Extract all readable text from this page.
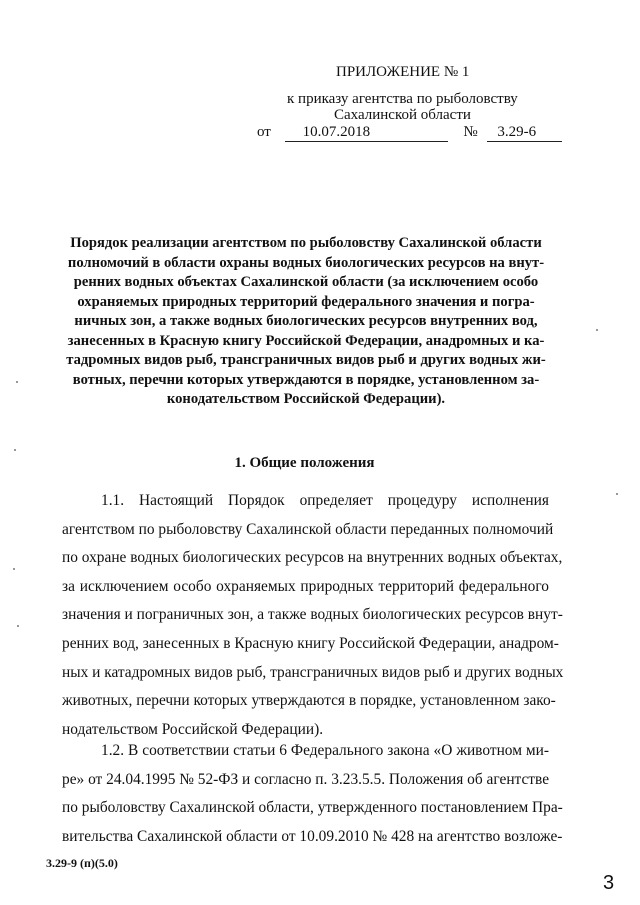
ПРИЛОЖЕНИЕ № 1
к приказу агентства по рыболовству
Сахалинской области
от 10.07.2018	№ 3.29-6
Порядок реализации агентством по рыболовству Сахалинской области
полномочий в области охраны водных биологических ресурсов на внут-
ренних водных объектах Сахалинской области (за исключением особо
охраняемых природных территорий федерального значения и погра-
ничных зон, а также водных биологических ресурсов внутренних вод,
занесенных в Красную книгу Российской Федерации, анадромных и ка-
тадромных видов рыб, трансграничных видов рыб и других водных жи-
вотных, перечни которых утверждаются в порядке, установленном за-
конодательством Российской Федерации).
1. Общие положения
1.1. Настоящий Порядок определяет процедуру исполнения
агентством по рыболовству Сахалинской области переданных полномочий
по охране водных биологических ресурсов на внутренних водных объектах,
за исключением особо охраняемых природных территорий федерального
значения и пограничных зон, а также водных биологических ресурсов внут-
ренних вод, занесенных в Красную книгу Российской Федерации, анадром-
ных и катадромных видов рыб, трансграничных видов рыб и других водных
животных, перечни которых утверждаются в порядке, установленном зако-
нодательством Российской Федерации).
1.2. В соответствии статьи 6 Федерального закона «О животном ми-
ре» от 24.04.1995 № 52-ФЗ и согласно п. 3.23.5.5. Положения об агентстве
по рыболовству Сахалинской области, утвержденного постановлением Пра-
вительства Сахалинской области от 10.09.2010 № 428 на агентство возложе-
3.29-9 (п)(5.0)
3
